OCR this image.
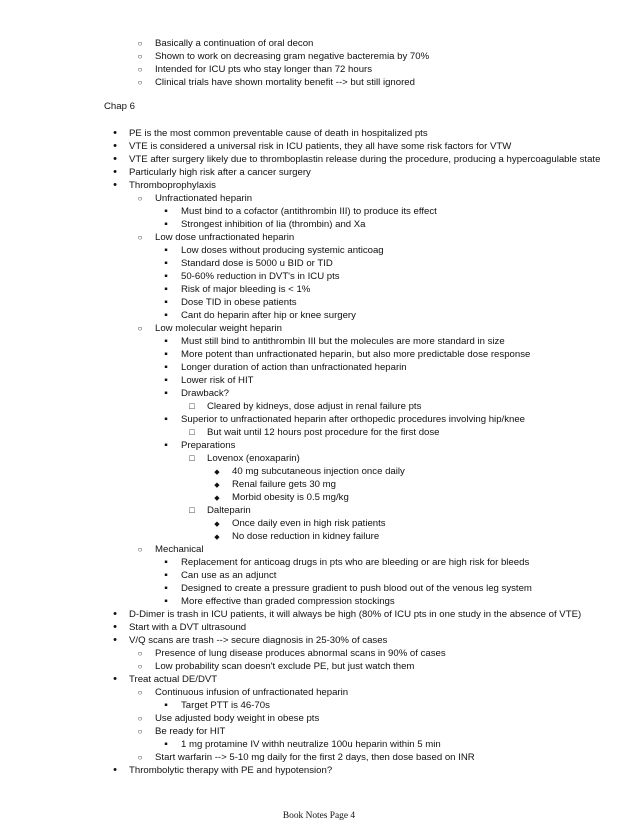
○
Basically a continuation of oral decon
○
Shown to work on decreasing gram negative bacteremia by 70%
○
Intended for ICU pts who stay longer than 72 hours
○
Clinical trials have shown mortality benefit --> but still ignored
Chap 6
•
PE is the most common preventable cause of death in hospitalized pts
•
VTE is considered a universal risk in ICU patients, they all have some risk factors for VTW
•
VTE after surgery likely due to thromboplastin release during the procedure, producing a hypercoagulable state
•
Particularly high risk after a cancer surgery
•
Thromboprophylaxis
○
Unfractionated heparin
▪
Must bind to a cofactor (antithrombin III) to produce its effect
▪
Strongest inhibition of Iia (thrombin) and Xa
○
Low dose unfractionated heparin
▪
Low doses without producing systemic anticoag
▪
Standard dose is 5000 u BID or TID
▪
50-60% reduction in DVT's in ICU pts
▪
Risk of major bleeding is < 1%
▪
Dose TID in obese patients
▪
Cant do heparin after hip or knee surgery
○
Low molecular weight heparin
▪
Must still bind to antithrombin III but the molecules are more standard in size
▪
More potent than unfractionated heparin, but also more predictable dose response
▪
Longer duration of action than unfractionated heparin
▪
Lower risk of HIT
▪
Drawback?
□
Cleared by kidneys, dose adjust in renal failure pts
▪
Superior to unfractionated heparin after orthopedic procedures involving hip/knee
□
But wait until 12 hours post procedure for the first dose
▪
Preparations
□
Lovenox (enoxaparin)
◆
40 mg subcutaneous injection once daily
◆
Renal failure gets 30 mg
◆
Morbid obesity is 0.5 mg/kg
□
Dalteparin
◆
Once daily even in high risk patients
◆
No dose reduction in kidney failure
○
Mechanical
▪
Replacement for anticoag drugs in pts who are bleeding or are high risk for bleeds
▪
Can use as an adjunct
▪
Designed to create a pressure gradient to push blood out of the venous leg system
▪
More effective than graded compression stockings
•
D-Dimer is trash in ICU patients, it will always be high (80% of ICU pts in one study in the absence of VTE)
•
Start with a DVT ultrasound
•
V/Q scans are trash --> secure diagnosis in 25-30% of cases
○
Presence of lung disease produces abnormal scans in 90% of cases
○
Low probability scan doesn't exclude PE, but just watch them
•
Treat actual DE/DVT
○
Continuous infusion of unfractionated heparin
▪
Target PTT is 46-70s
○
Use adjusted body weight in obese pts
○
Be ready for HIT
▪
1 mg protamine IV withh neutralize 100u heparin within 5 min
○
Start warfarin --> 5-10 mg daily for the first 2 days, then dose based on INR
•
Thrombolytic therapy with PE and hypotension?
Book Notes Page 4
